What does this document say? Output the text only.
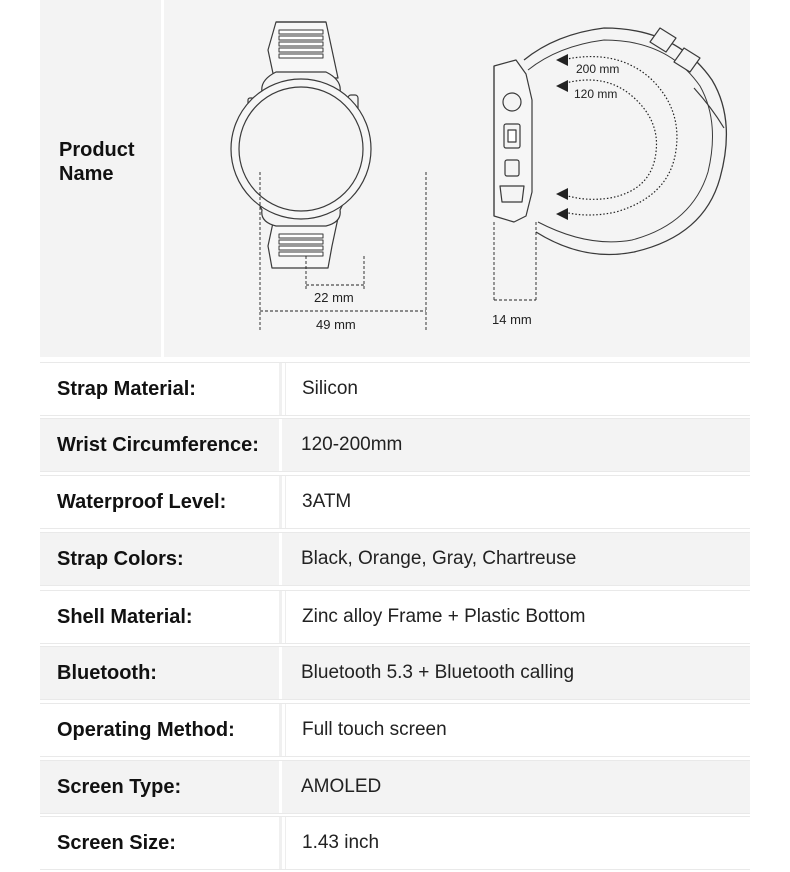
Product
Name
22 mm
49 mm	14 mm
200 mm
120 mm
Strap Material:	Silicon
Wrist Circumference:	120-200mm
Waterproof Level:	3ATM
Strap Colors:	Black, Orange, Gray, Chartreuse
Shell Material:	Zinc alloy Frame + Plastic Bottom
Bluetooth:	Bluetooth 5.3 + Bluetooth calling
Operating Method:	Full touch screen
Screen Type:	AMOLED
Screen Size:	1.43 inch
